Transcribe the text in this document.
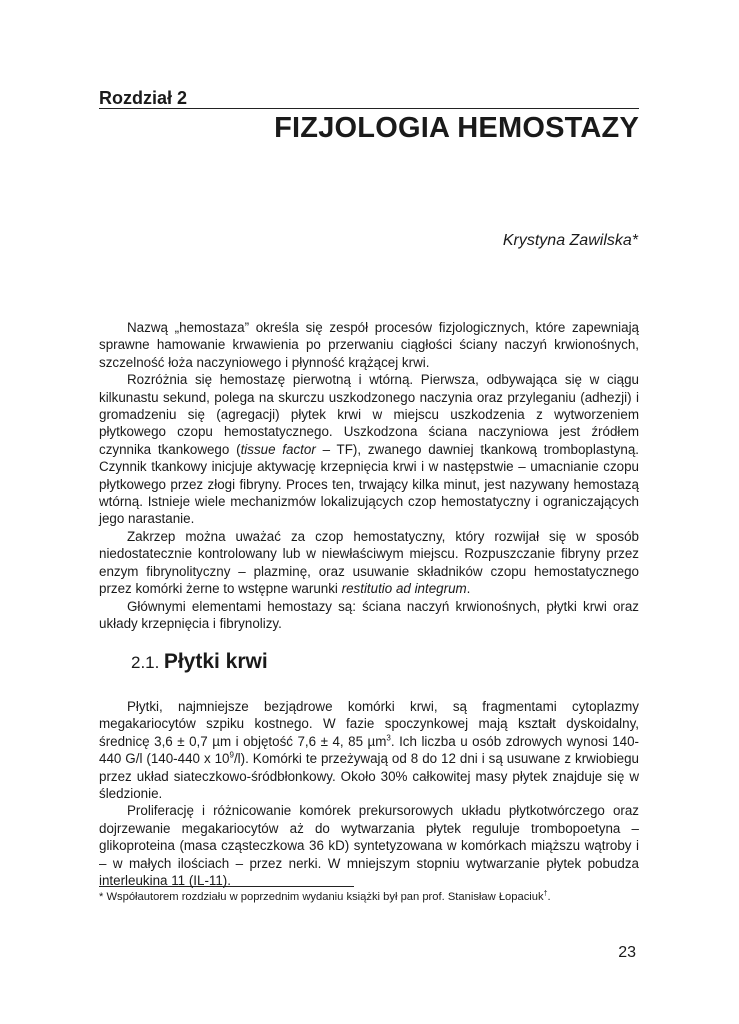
Rozdział 2
FIZJOLOGIA HEMOSTAZY
Krystyna Zawilska*

Nazwą „hemostaza” określa się zespół procesów fizjologicznych, które zapewniają sprawne hamowanie krwawienia po przerwaniu ciągłości ściany naczyń krwionośnych, szczelność łoża naczyniowego i płynność krążącej krwi.

Rozróżnia się hemostazę pierwotną i wtórną. Pierwsza, odbywająca się w ciągu kilkunastu sekund, polega na skurczu uszkodzonego naczynia oraz przyleganiu (adhezji) i gromadzeniu się (agregacji) płytek krwi w miejscu uszkodzenia z wytworzeniem płytkowego czopu hemostatycznego. Uszkodzona ściana naczyniowa jest źródłem czynnika tkankowego (tissue factor – TF), zwanego dawniej tkankową tromboplastyną. Czynnik tkankowy inicjuje aktywację krzepnięcia krwi i w następstwie – umacnianie czopu płytkowego przez złogi fibryny. Proces ten, trwający kilka minut, jest nazywany hemostazą wtórną. Istnieje wiele mechanizmów lokalizujących czop hemostatyczny i ograniczających jego narastanie.

Zakrzep można uważać za czop hemostatyczny, który rozwijał się w sposób niedostatecznie kontrolowany lub w niewłaściwym miejscu. Rozpuszczanie fibryny przez enzym fibrynolityczny – plazminę, oraz usuwanie składników czopu hemostatycznego przez komórki żerne to wstępne warunki restitutio ad integrum.

Głównymi elementami hemostazy są: ściana naczyń krwionośnych, płytki krwi oraz układy krzepnięcia i fibrynolizy.

2.1. Płytki krwi

Płytki, najmniejsze bezjądrowe komórki krwi, są fragmentami cytoplazmy megakariocytów szpiku kostnego. W fazie spoczynkowej mają kształt dyskoidalny, średnicę 3,6 ± 0,7 µm i objętość 7,6 ± 4, 85 µm$^3$. Ich liczba u osób zdrowych wynosi 140-440 G/l (140-440 x $10^9/l$). Komórki te przeżywają od 8 do 12 dni i są usuwane z krwiobiegu przez układ siateczkowo-śródbłonkowy. Około 30% całkowitej masy płytek znajduje się w śledzionie.

Proliferację i różnicowanie komórek prekursorowych układu płytkotwórczego oraz dojrzewanie megakariocytów aż do wytwarzania płytek reguluje trombopoetyna – glikoproteina (masa cząsteczkowa 36 kD) syntetyzowana w komórkach miąższu wątroby i – w małych ilościach – przez nerki. W mniejszym stopniu wytwarzanie płytek pobudza interleukina 11 (IL-11).

* Współautorem rozdziału w poprzednim wydaniu książki był pan prof. Stanisław Łopaciuk†.
23
